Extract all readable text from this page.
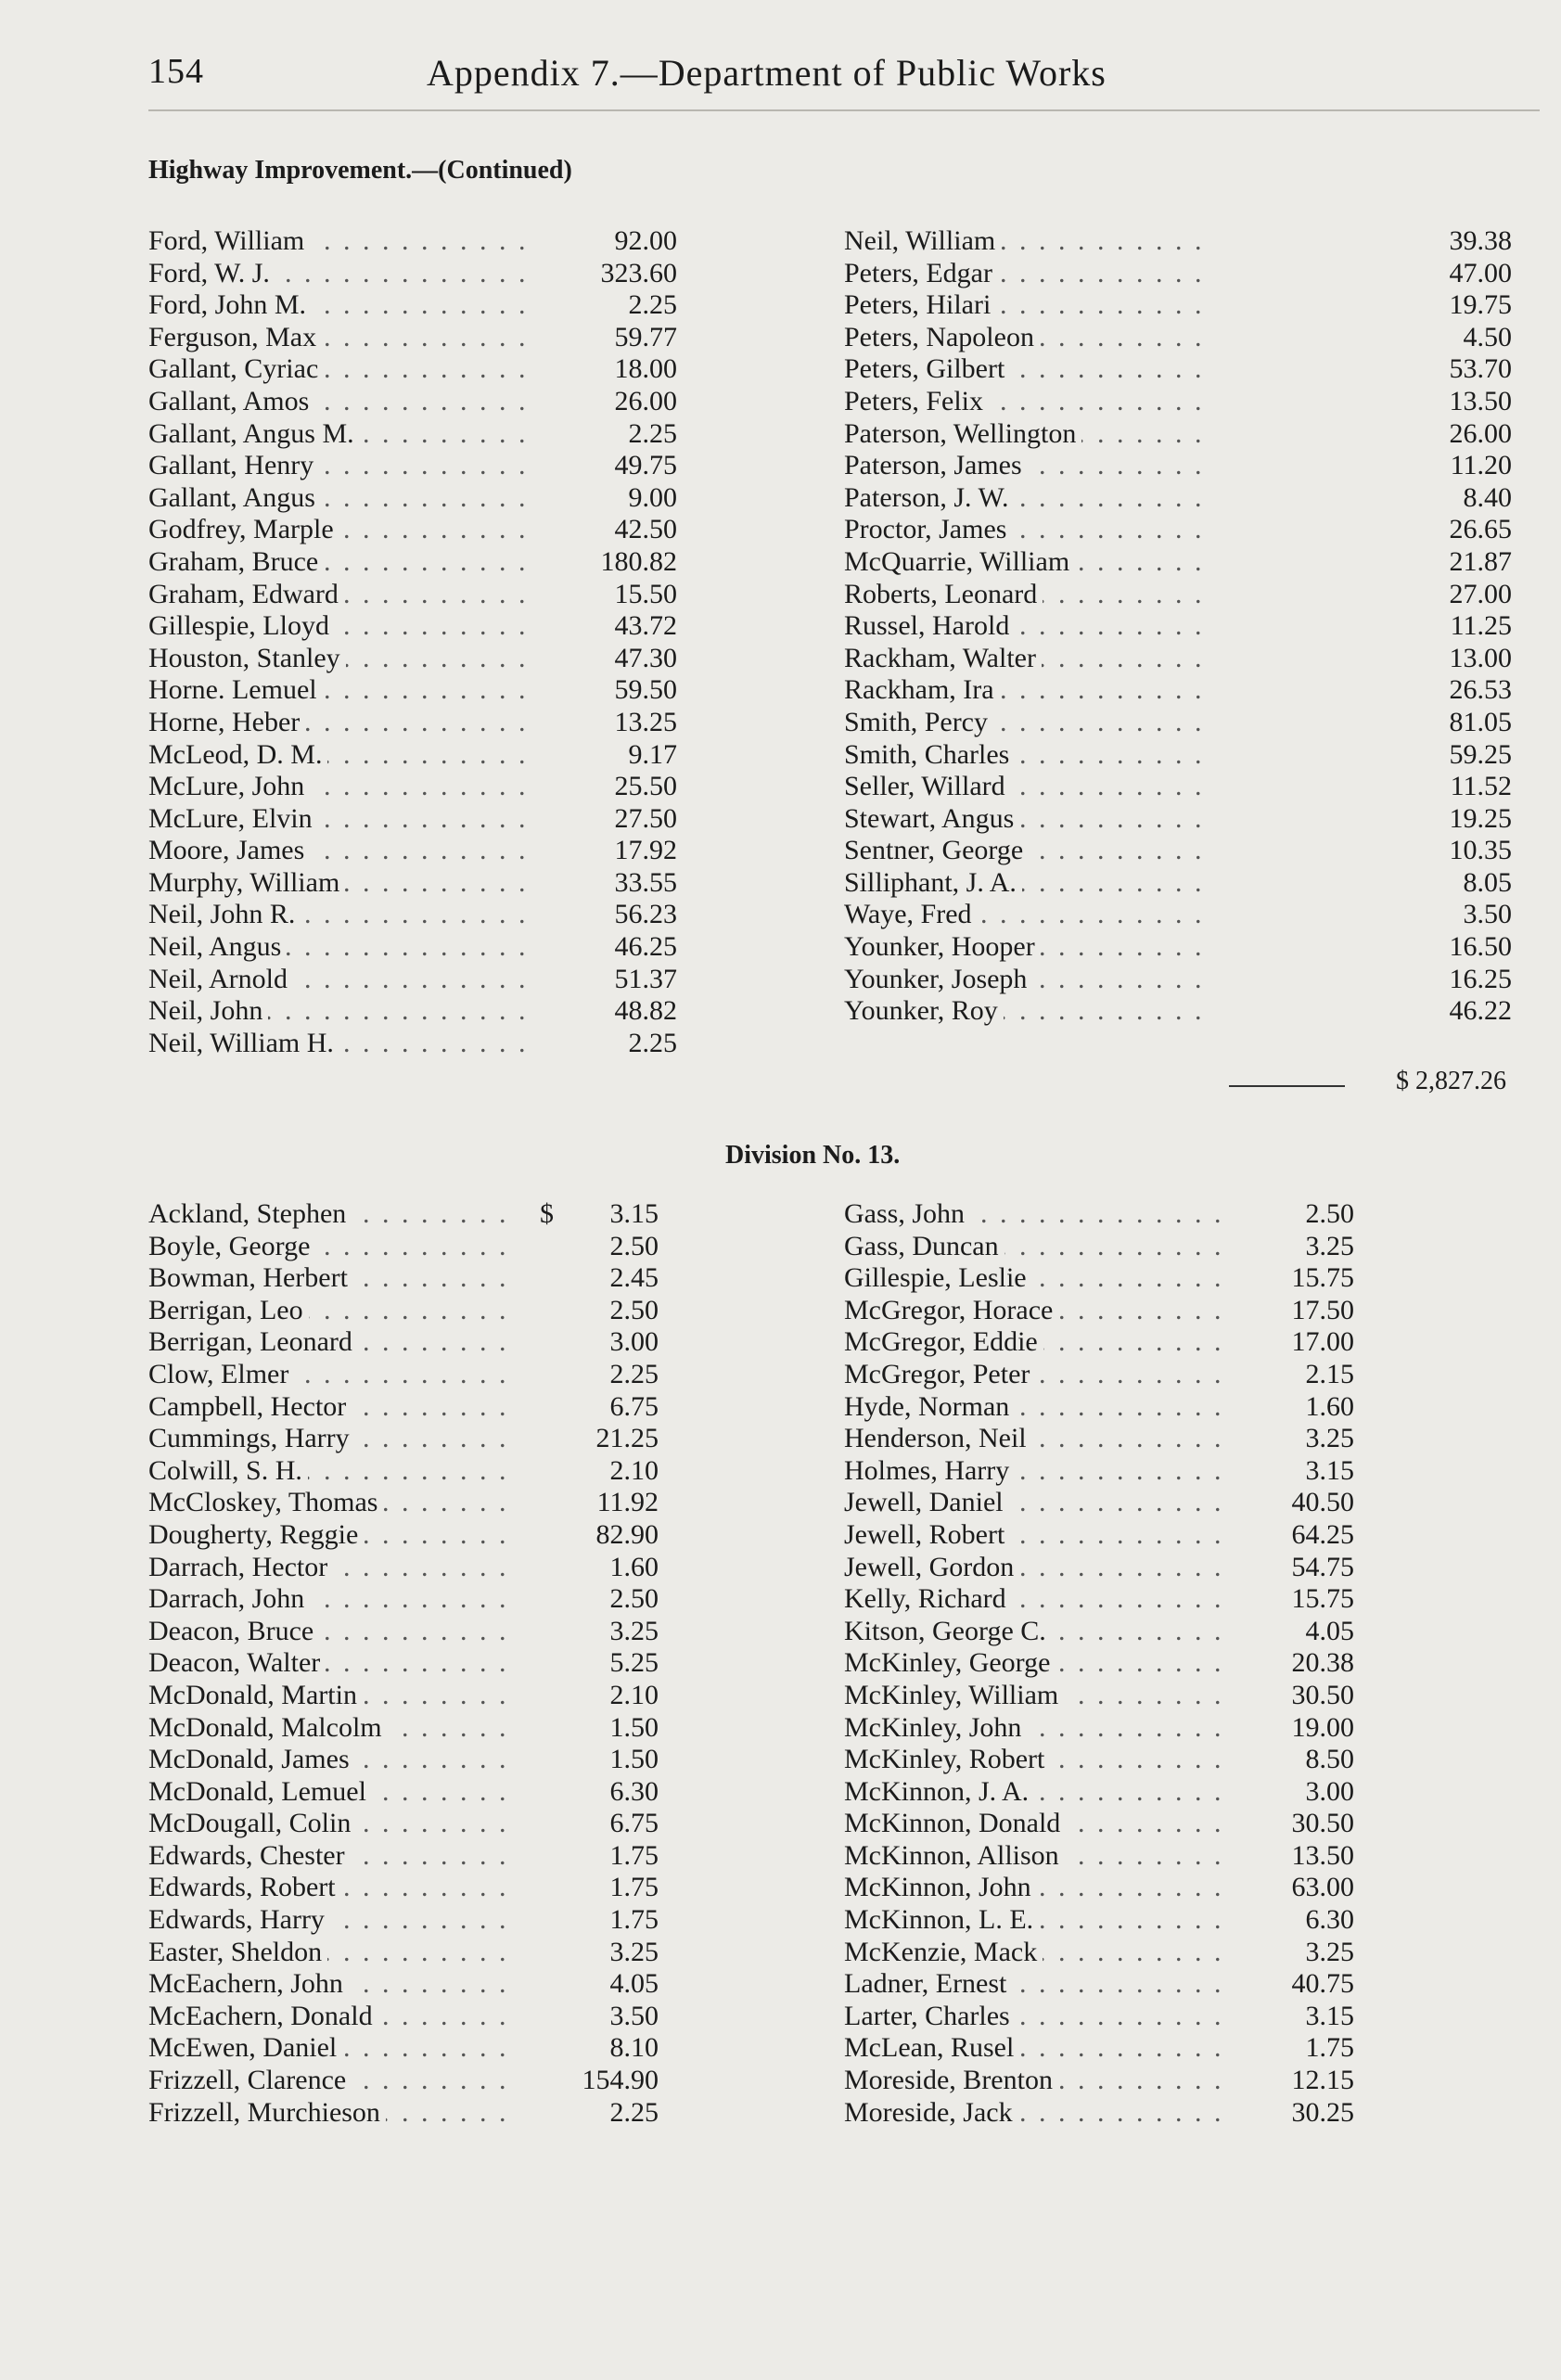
154	Appendix 7.—Department of Public Works
Highway Improvement.—(Continued)
. . .
Ford, William	92.00
. . .
Ford, W. J.	323.60
. . .
Ford, John M.	2.25
. . .
Ferguson, Max	59.77
. . .
Gallant, Cyriac	18.00
. . .
Gallant, Amos	26.00
. . .
Gallant, Angus M.	2.25
. . .
Gallant, Henry	49.75
. . .
Gallant, Angus	9.00
. . .
Godfrey, Marple	42.50
. . .
Graham, Bruce	180.82
. . .
Graham, Edward	15.50
. . .
Gillespie, Lloyd	43.72
. . .
Houston, Stanley	47.30
. . .
Horne. Lemuel	59.50
. . .
Horne, Heber	13.25
. . .
McLeod, D. M.	9.17
. . .
McLure, John	25.50
. . .
McLure, Elvin	27.50
. . .
Moore, James	17.92
. . .
Murphy, William	33.55
. . .
Neil, John R.	56.23
. . .
Neil, Angus	46.25
. . .
Neil, Arnold	51.37
. . .
Neil, John	48.82
. . .
Neil, William H.	2.25
. . .
Neil, William	39.38
. . .
Peters, Edgar	47.00
. . .
Peters, Hilari	19.75
. . .
Peters, Napoleon	4.50
. . .
Peters, Gilbert	53.70
. . .
Peters, Felix	13.50
. . .
Paterson, Wellington	26.00
. . .
Paterson, James	11.20
. . .
Paterson, J. W.	8.40
. . .
Proctor, James	26.65
. . .
McQuarrie, William	21.87
. . .
Roberts, Leonard	27.00
. . .
Russel, Harold	11.25
. . .
Rackham, Walter	13.00
. . .
Rackham, Ira	26.53
. . .
Smith, Percy	81.05
. . .
Smith, Charles	59.25
. . .
Seller, Willard	11.52
. . .
Stewart, Angus	19.25
. . .
Sentner, George	10.35
. . .
Silliphant, J. A.	8.05
. . .
Waye, Fred	3.50
. . .
Younker, Hooper	16.50
. . .
Younker, Joseph	16.25
. . .
Younker, Roy	46.22
$ 2,827.26
Division No. 13.
. . .
Ackland, Stephen	$	3.15
. . .
Boyle, George	2.50
. . .
Bowman, Herbert	2.45
. . .
Berrigan, Leo	2.50
. . .
Berrigan, Leonard	3.00
. . .
Clow, Elmer	2.25
. . .
Campbell, Hector	6.75
. . .
Cummings, Harry	21.25
. . .
Colwill, S. H.	2.10
. . .
McCloskey, Thomas	11.92
. . .
Dougherty, Reggie	82.90
. . .
Darrach, Hector	1.60
. . .
Darrach, John	2.50
. . .
Deacon, Bruce	3.25
. . .
Deacon, Walter	5.25
. . .
McDonald, Martin	2.10
. . .
McDonald, Malcolm	1.50
. . .
McDonald, James	1.50
. . .
McDonald, Lemuel	6.30
. . .
McDougall, Colin	6.75
. . .
Edwards, Chester	1.75
. . .
Edwards, Robert	1.75
. . .
Edwards, Harry	1.75
. . .
Easter, Sheldon	3.25
. . .
McEachern, John	4.05
. . .
McEachern, Donald	3.50
. . .
McEwen, Daniel	8.10
. . .
Frizzell, Clarence	154.90
. . .
Frizzell, Murchieson	2.25
. . .
Gass, John	2.50
. . .
Gass, Duncan	3.25
. . .
Gillespie, Leslie	15.75
. . .
McGregor, Horace	17.50
. . .
McGregor, Eddie	17.00
. . .
McGregor, Peter	2.15
. . .
Hyde, Norman	1.60
. . .
Henderson, Neil	3.25
. . .
Holmes, Harry	3.15
. . .
Jewell, Daniel	40.50
. . .
Jewell, Robert	64.25
. . .
Jewell, Gordon	54.75
. . .
Kelly, Richard	15.75
. . .
Kitson, George C.	4.05
. . .
McKinley, George	20.38
. . .
McKinley, William	30.50
. . .
McKinley, John	19.00
. . .
McKinley, Robert	8.50
. . .
McKinnon, J. A.	3.00
. . .
McKinnon, Donald	30.50
. . .
McKinnon, Allison	13.50
. . .
McKinnon, John	63.00
. . .
McKinnon, L. E.	6.30
. . .
McKenzie, Mack	3.25
. . .
Ladner, Ernest	40.75
. . .
Larter, Charles	3.15
. . .
McLean, Rusel	1.75
. . .
Moreside, Brenton	12.15
. . .
Moreside, Jack	30.25
